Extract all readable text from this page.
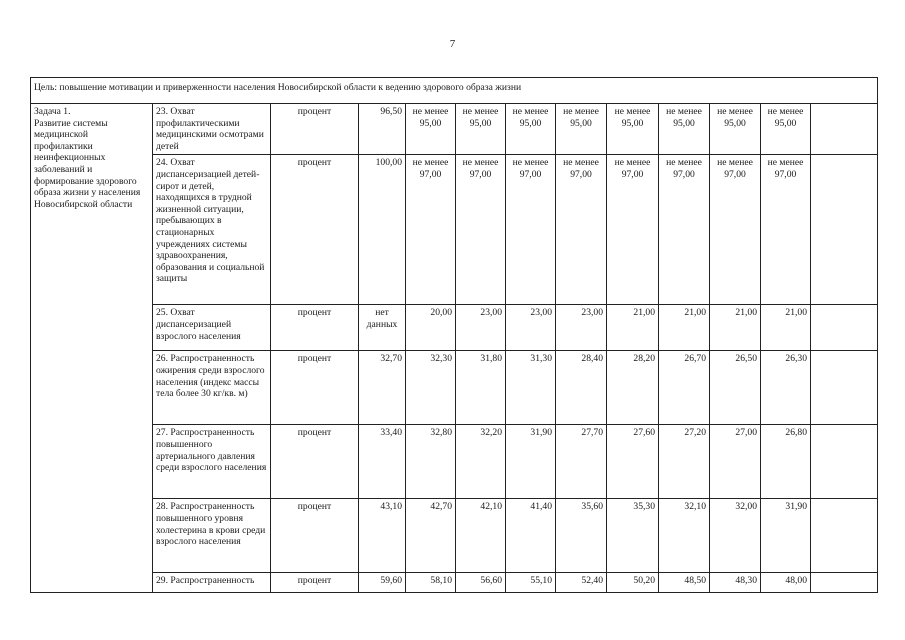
7
Цель: повышение мотивации и приверженности населения Новосибирской области к ведению здорового образа жизни												
Задача 1.
Развитие системы медицинской профилактики неинфекционных заболеваний и формирование здорового образа жизни у населения Новосибирской области	23. Охват профилактическими медицинскими осмотрами детей	процент	96,50	не менее 95,00	не менее 95,00	не менее 95,00	не менее 95,00	не менее 95,00	не менее 95,00	не менее 95,00	не менее 95,00	
	24. Охват диспансеризацией детей-сирот и детей, находящихся в трудной жизненной ситуации, пребывающих в стационарных учреждениях системы здравоохранения, образования и социальной защиты	процент	100,00	не менее 97,00	не менее 97,00	не менее 97,00	не менее 97,00	не менее 97,00	не менее 97,00	не менее 97,00	не менее 97,00	
	25. Охват диспансеризацией взрослого населения	процент	нет данных	20,00	23,00	23,00	23,00	21,00	21,00	21,00	21,00	
	26. Распространенность ожирения среди взрослого населения (индекс массы тела более 30 кг/кв. м)	процент	32,70	32,30	31,80	31,30	28,40	28,20	26,70	26,50	26,30	
	27. Распространенность повышенного артериального давления среди взрослого населения	процент	33,40	32,80	32,20	31,90	27,70	27,60	27,20	27,00	26,80	
	28. Распространенность повышенного уровня холестерина в крови среди взрослого населения	процент	43,10	42,70	42,10	41,40	35,60	35,30	32,10	32,00	31,90	
	29. Распространенность	процент	59,60	58,10	56,60	55,10	52,40	50,20	48,50	48,30	48,00	
